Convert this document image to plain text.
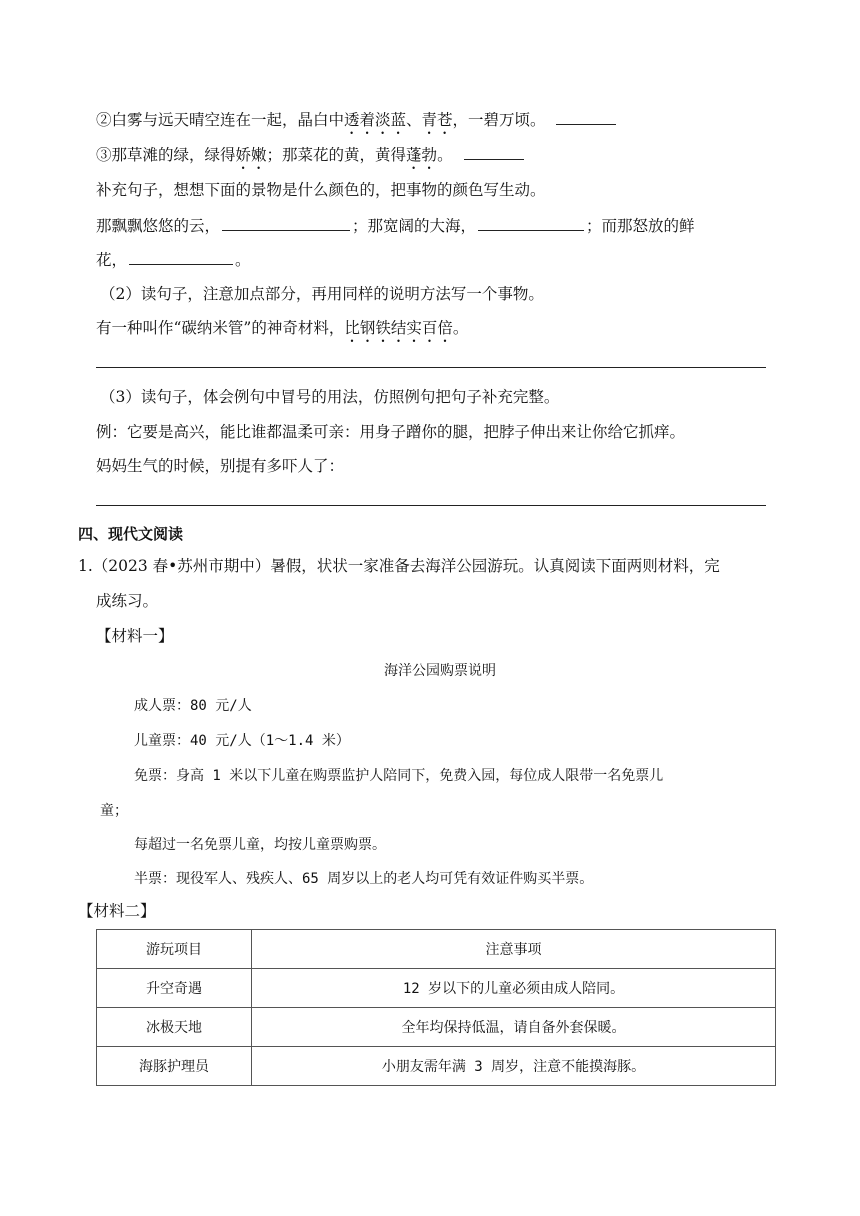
②白雾与远天晴空连在一起，晶白中透着淡蓝、青苍，一碧万顷。
③那草滩的绿，绿得娇嫩；那菜花的黄，黄得蓬勃。
补充句子，想想下面的景物是什么颜色的，把事物的颜色写生动。
那飘飘悠悠的云，	；那宽阔的大海，	；而那怒放的鲜
花，	。
（2）读句子，注意加点部分，再用同样的说明方法写一个事物。
有一种叫作“碳纳米管”的神奇材料，比钢铁结实百倍。
（3）读句子，体会例句中冒号的用法，仿照例句把句子补充完整。
例：它要是高兴，能比谁都温柔可亲：用身子蹭你的腿，把脖子伸出来让你给它抓痒。
妈妈生气的时候，别提有多吓人了：
四、现代文阅读
1.（2023 春•苏州市期中）暑假，状状一家准备去海洋公园游玩。认真阅读下面两则材料，完
成练习。
【材料一】
海洋公园购票说明
成人票：80 元/人
儿童票：40 元/人（1～1.4 米）
免票：身高 1 米以下儿童在购票监护人陪同下，免费入园，每位成人限带一名免票儿
童；
每超过一名免票儿童，均按儿童票购票。
半票：现役军人、残疾人、65 周岁以上的老人均可凭有效证件购买半票。
【材料二】
游玩项目	注意事项
升空奇遇	12 岁以下的儿童必须由成人陪同。
冰极天地	全年均保持低温，请自备外套保暖。
海豚护理员	小朋友需年满 3 周岁，注意不能摸海豚。
